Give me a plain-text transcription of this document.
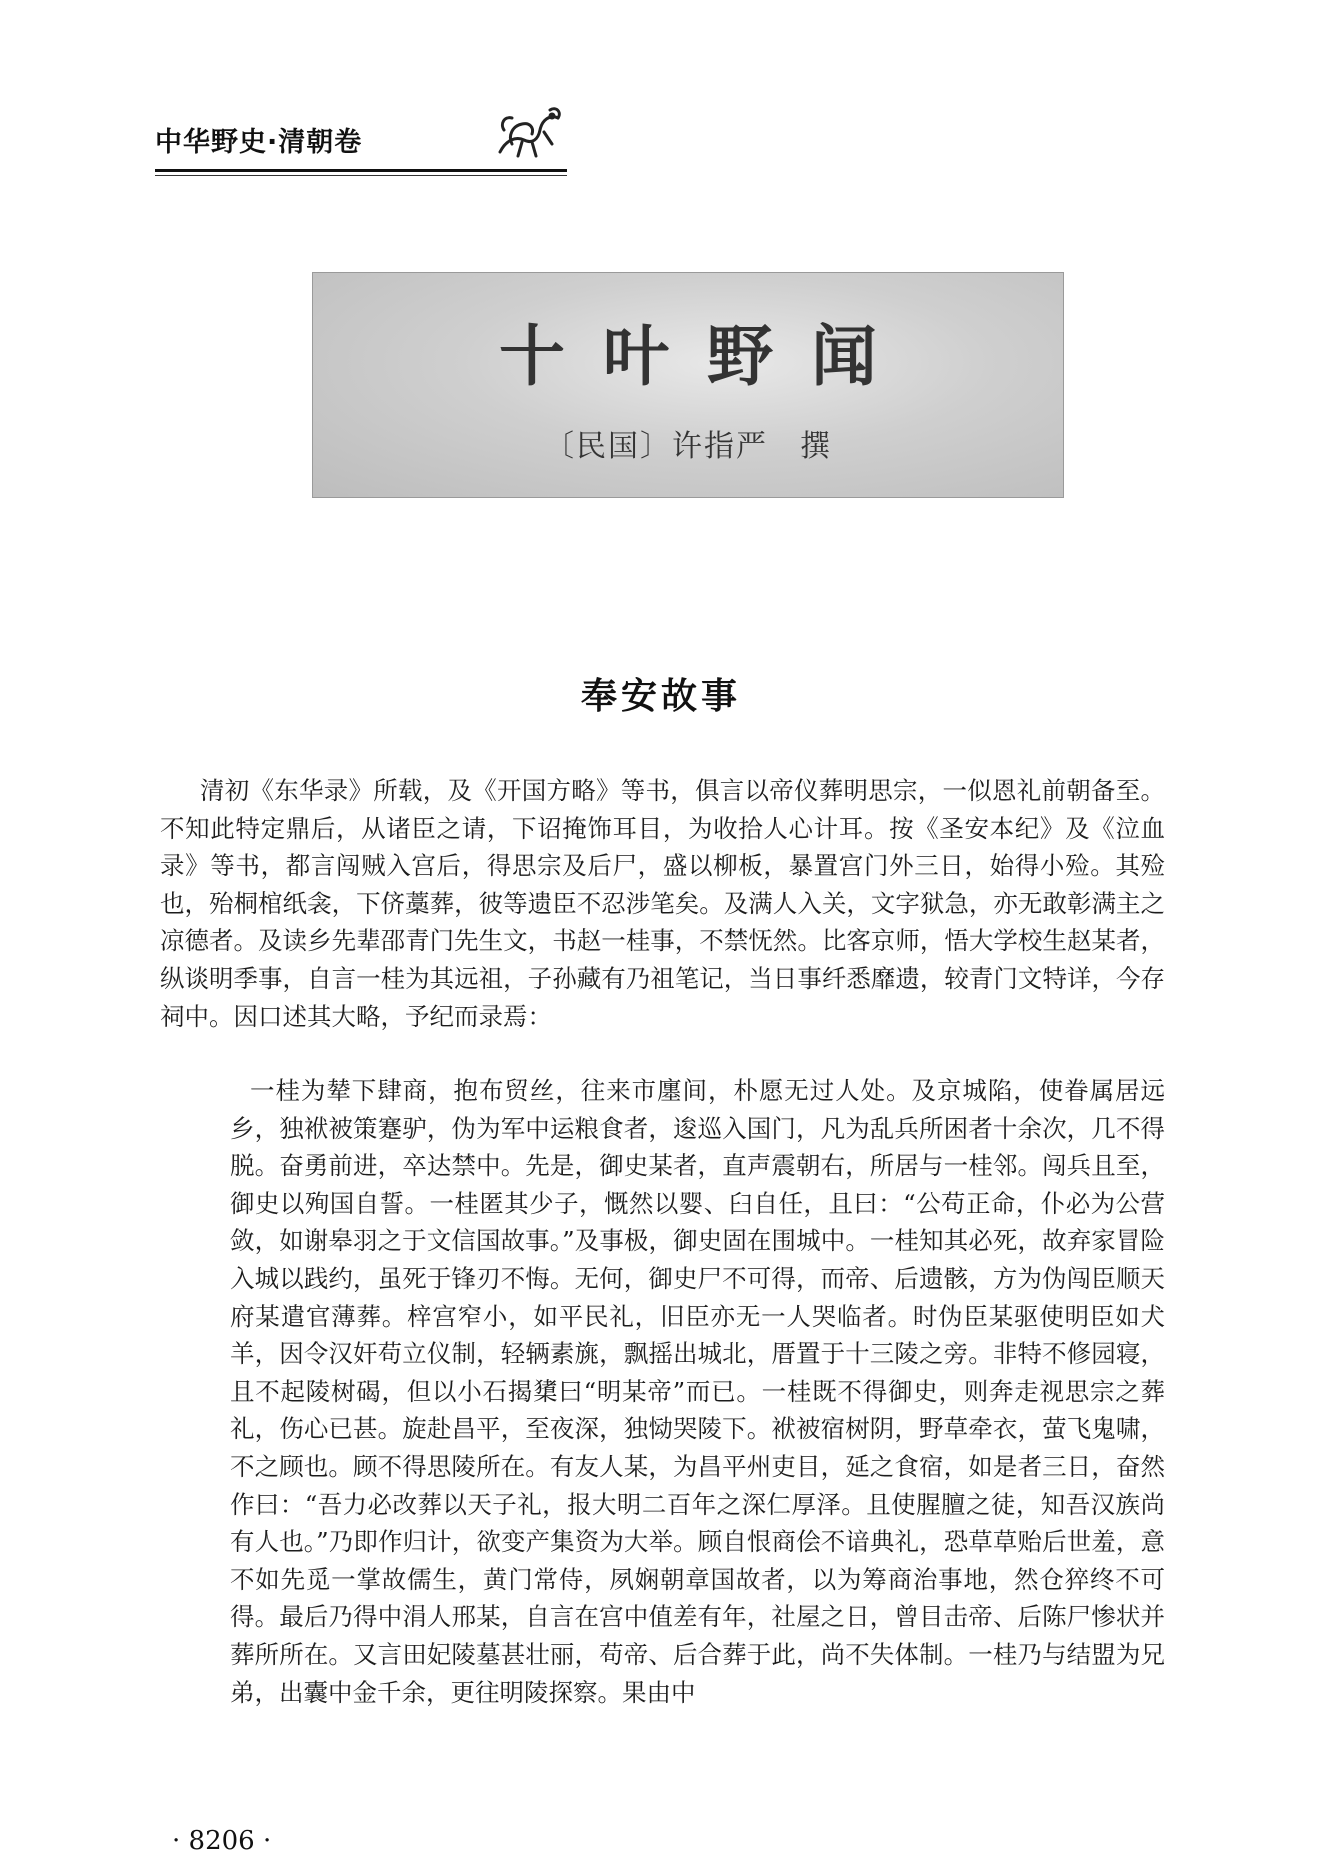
中华野史·清朝卷
十叶野闻
〔民国〕许指严　撰
奉安故事

清初《东华录》所载，及《开国方略》等书，俱言以帝仪葬明思宗，一似恩礼前朝备至。不知此特定鼎后，从诸臣之请，下诏掩饰耳目，为收拾人心计耳。按《圣安本纪》及《泣血录》等书，都言闯贼入宫后，得思宗及后尸，盛以柳板，暴置宫门外三日，始得小殓。其殓也，殆桐棺纸衾，下侪藁葬，彼等遗臣不忍涉笔矣。及满人入关，文字狱急，亦无敢彰满主之凉德者。及读乡先辈邵青门先生文，书赵一桂事，不禁怃然。比客京师，悟大学校生赵某者，纵谈明季事，自言一桂为其远祖，子孙藏有乃祖笔记，当日事纤悉靡遗，较青门文特详，今存祠中。因口述其大略，予纪而录焉：

一桂为辇下肆商，抱布贸丝，往来市廛间，朴愿无过人处。及京城陷，使眷属居远乡，独袱被策蹇驴，伪为军中运粮食者，逡巡入国门，凡为乱兵所困者十余次，几不得脱。奋勇前进，卒达禁中。先是，御史某者，直声震朝右，所居与一桂邻。闯兵且至，御史以殉国自誓。一桂匿其少子，慨然以婴、臼自任，且曰：“公苟正命，仆必为公营敛，如谢皋羽之于文信国故事。”及事极，御史固在围城中。一桂知其必死，故弃家冒险入城以践约，虽死于锋刃不悔。无何，御史尸不可得，而帝、后遗骸，方为伪闯臣顺天府某遣官薄葬。梓宫窄小，如平民礼，旧臣亦无一人哭临者。时伪臣某驱使明臣如犬羊，因令汉奸苟立仪制，轻辆素旐，飘摇出城北，厝置于十三陵之旁。非特不修园寝，且不起陵树碣，但以小石揭橥曰“明某帝”而已。一桂既不得御史，则奔走视思宗之葬礼，伤心已甚。旋赴昌平，至夜深，独恸哭陵下。袱被宿树阴，野草牵衣，萤飞鬼啸，不之顾也。顾不得思陵所在。有友人某，为昌平州吏目，延之食宿，如是者三日，奋然作曰：“吾力必改葬以天子礼，报大明二百年之深仁厚泽。且使腥膻之徒，知吾汉族尚有人也。”乃即作归计，欲变产集资为大举。顾自恨商侩不谙典礼，恐草草贻后世羞，意不如先觅一掌故儒生，黄门常侍，夙娴朝章国故者，以为筹商治事地，然仓猝终不可得。最后乃得中涓人邢某，自言在宫中值差有年，社屋之日，曾目击帝、后陈尸惨状并葬所所在。又言田妃陵墓甚壮丽，苟帝、后合葬于此，尚不失体制。一桂乃与结盟为兄弟，出囊中金千余，更往明陵探察。果由中

· 8206 ·
